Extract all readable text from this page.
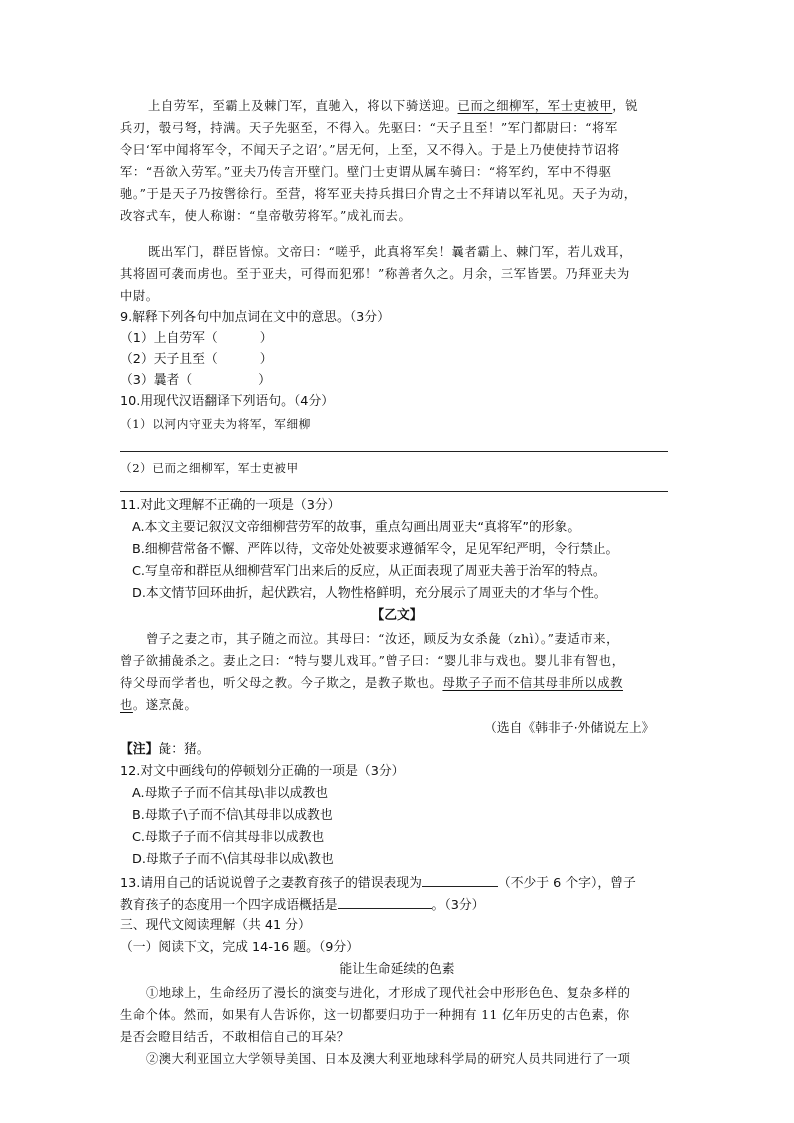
上自劳军，至霸上及棘门军，直驰入，将以下骑送迎。已而之细柳军，军士吏被甲，锐
兵刃，彀弓弩，持满。天子先驱至，不得入。先驱曰：“天子且至！”军门都尉曰：“将军
令曰‘军中闻将军令，不闻天子之诏’。”居无何，上至，又不得入。于是上乃使使持节诏将
军：“吾欲入劳军。”亚夫乃传言开壁门。壁门士吏谓从属车骑曰：“将军约，军中不得驱
驰。”于是天子乃按辔徐行。至营，将军亚夫持兵揖曰介胄之士不拜请以军礼见。天子为动，
改容式车，使人称谢：“皇帝敬劳将军。”成礼而去。
既出军门，群臣皆惊。文帝曰：“嗟乎，此真将军矣！曩者霸上、棘门军，若儿戏耳，
其将固可袭而虏也。至于亚夫，可得而犯邪！”称善者久之。月余，三军皆罢。乃拜亚夫为
中尉。
9.解释下列各句中加点词在文中的意思。（3分）
（1）上自劳军（	）
（2）天子且至（	）
（3）曩者（	）
10.用现代汉语翻译下列语句。（4分）
（1）以河内守亚夫为将军，军细柳
（2）已而之细柳军，军士吏被甲
11.对此文理解不正确的一项是（3分）
A.本文主要记叙汉文帝细柳营劳军的故事，重点勾画出周亚夫“真将军”的形象。
B.细柳营常备不懈、严阵以待，文帝处处被要求遵循军令，足见军纪严明，令行禁止。
C.写皇帝和群臣从细柳营军门出来后的反应，从正面表现了周亚夫善于治军的特点。
D.本文情节回环曲折，起伏跌宕，人物性格鲜明，充分展示了周亚夫的才华与个性。
【乙文】
曾子之妻之市，其子随之而泣。其母曰：“汝还，顾反为女杀彘（zhì）。”妻适市来，
曾子欲捕彘杀之。妻止之曰：“特与婴儿戏耳。”曾子曰：“婴儿非与戏也。婴儿非有智也，
待父母而学者也，听父母之教。今子欺之，是教子欺也。母欺子子而不信其母非所以成教
也。遂烹彘。
（选自《韩非子·外储说左上》
【注】彘：猪。
12.对文中画线句的停顿划分正确的一项是（3分）
A.母欺子子而不信其母\非以成教也
B.母欺子\子而不信\其母非以成教也
C.母欺子子而不信其母非以成教也
D.母欺子子而不\信其母非以成\教也
13.请用自己的话说说曾子之妻教育孩子的错误表现为	（不少于 6 个字），曾子
教育孩子的态度用一个四字成语概括是	。（3分）
三、现代文阅读理解（共 41 分）
（一）阅读下文，完成 14-16 题。（9分）
能让生命延续的色素
①地球上，生命经历了漫长的演变与进化，才形成了现代社会中形形色色、复杂多样的
生命个体。然而，如果有人告诉你，这一切都要归功于一种拥有 11 亿年历史的古色素，你
是否会瞪目结舌，不敢相信自己的耳朵？
②澳大利亚国立大学领导美国、日本及澳大利亚地球科学局的研究人员共同进行了一项
